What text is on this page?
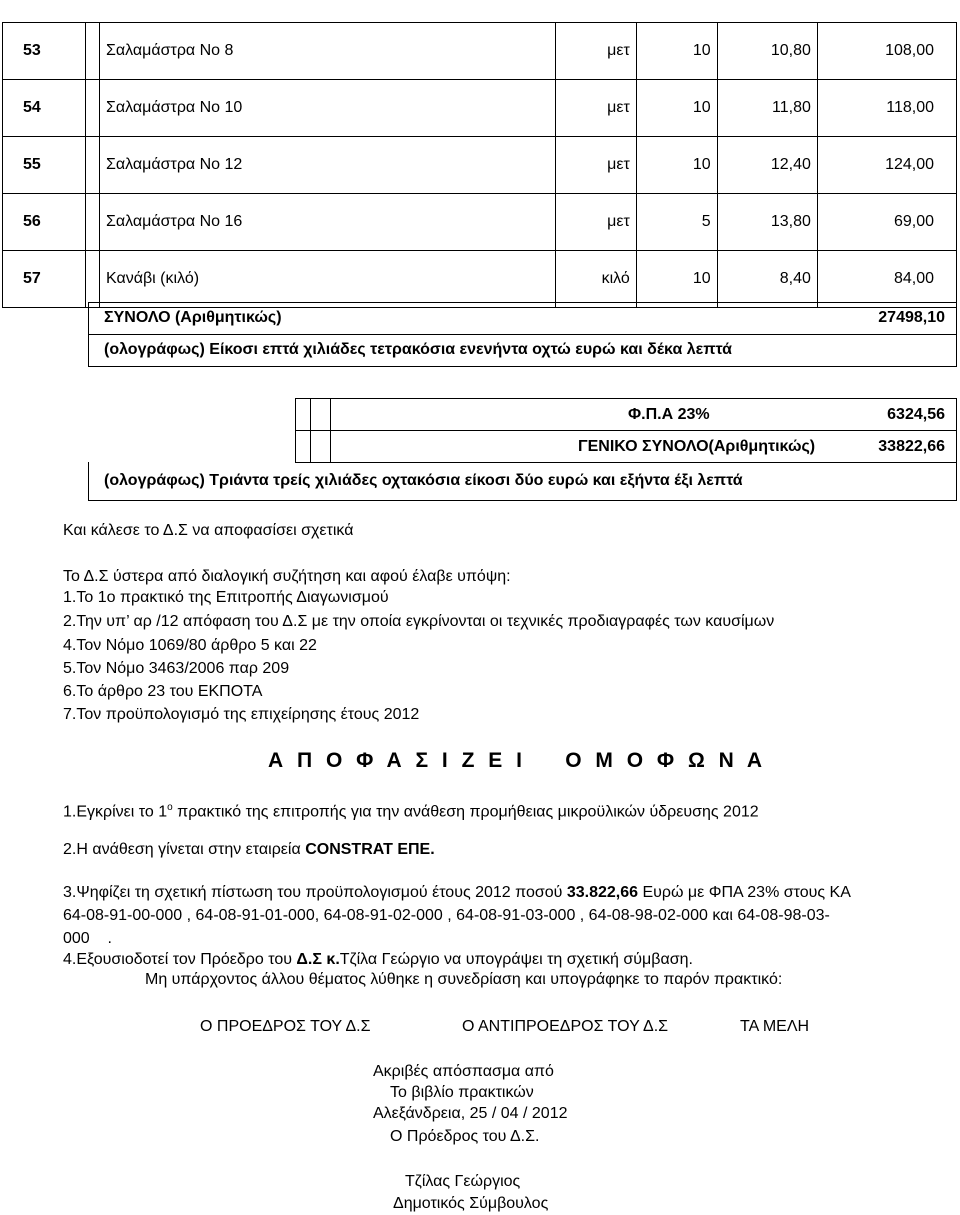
53		Σαλαμάστρα Νο 8	μετ	10	10,80	108,00
54		Σαλαμάστρα Νο 10	μετ	10	11,80	118,00
55		Σαλαμάστρα Νο 12	μετ	10	12,40	124,00
56		Σαλαμάστρα Νο 16	μετ	5	13,80	69,00
57		Κανάβι (κιλό)	κιλό	10	8,40	84,00
ΣΥΝΟΛΟ (Αριθμητικώς)	27498,10
(ολογράφως) Είκοσι επτά χιλιάδες τετρακόσια ενενήντα οχτώ ευρώ και δέκα λεπτά
Φ.Π.Α 23%	6324,56
ΓΕΝΙΚΟ ΣΥΝΟΛΟ(Αριθμητικώς)	33822,66
(ολογράφως) Τριάντα τρείς χιλιάδες οχτακόσια είκοσι δύο ευρώ και εξήντα έξι λεπτά
Και κάλεσε το Δ.Σ να αποφασίσει σχετικά
Το Δ.Σ ύστερα από διαλογική συζήτηση και αφού έλαβε υπόψη:
1.Το 1ο πρακτικό της Επιτροπής Διαγωνισμού
2.Την υπ’ αρ /12 απόφαση του Δ.Σ με την οποία εγκρίνονται οι τεχνικές προδιαγραφές των καυσίμων
4.Τον Νόμο 1069/80 άρθρο 5 και 22
5.Τον Νόμο 3463/2006 παρ 209
6.Το άρθρο 23 του ΕΚΠΟΤΑ
7.Τον προϋπολογισμό της επιχείρησης έτους 2012
Α Π Ο Φ Α Σ Ι Ζ Ε Ι    Ο Μ Ο Φ Ω Ν Α
1.Εγκρίνει το $1^o$ πρακτικό της επιτροπής για την ανάθεση προμήθειας μικροϋλικών ύδρευσης 2012
2.Η ανάθεση γίνεται στην εταιρεία CONSTRAT ΕΠΕ.
3.Ψηφίζει τη σχετική πίστωση του προϋπολογισμού έτους 2012 ποσού 33.822,66 Ευρώ με ΦΠΑ 23% στους ΚΑ
64-08-91-00-000 , 64-08-91-01-000, 64-08-91-02-000 , 64-08-91-03-000 , 64-08-98-02-000 και 64-08-98-03-
000    .
4.Εξουσιοδοτεί τον Πρόεδρο του Δ.Σ κ.Τζίλα Γεώργιο να υπογράψει τη σχετική σύμβαση.
Μη υπάρχοντος άλλου θέματος λύθηκε η συνεδρίαση και υπογράφηκε το παρόν πρακτικό:
Ο ΠΡΟΕΔΡΟΣ ΤΟΥ Δ.Σ	Ο ΑΝΤΙΠΡΟΕΔΡΟΣ ΤΟΥ Δ.Σ	ΤΑ ΜΕΛΗ
Ακριβές απόσπασμα από
Το βιβλίο πρακτικών
Αλεξάνδρεια, 25 / 04 / 2012
Ο Πρόεδρος του Δ.Σ.
Τζίλας Γεώργιος
Δημοτικός Σύμβουλος
